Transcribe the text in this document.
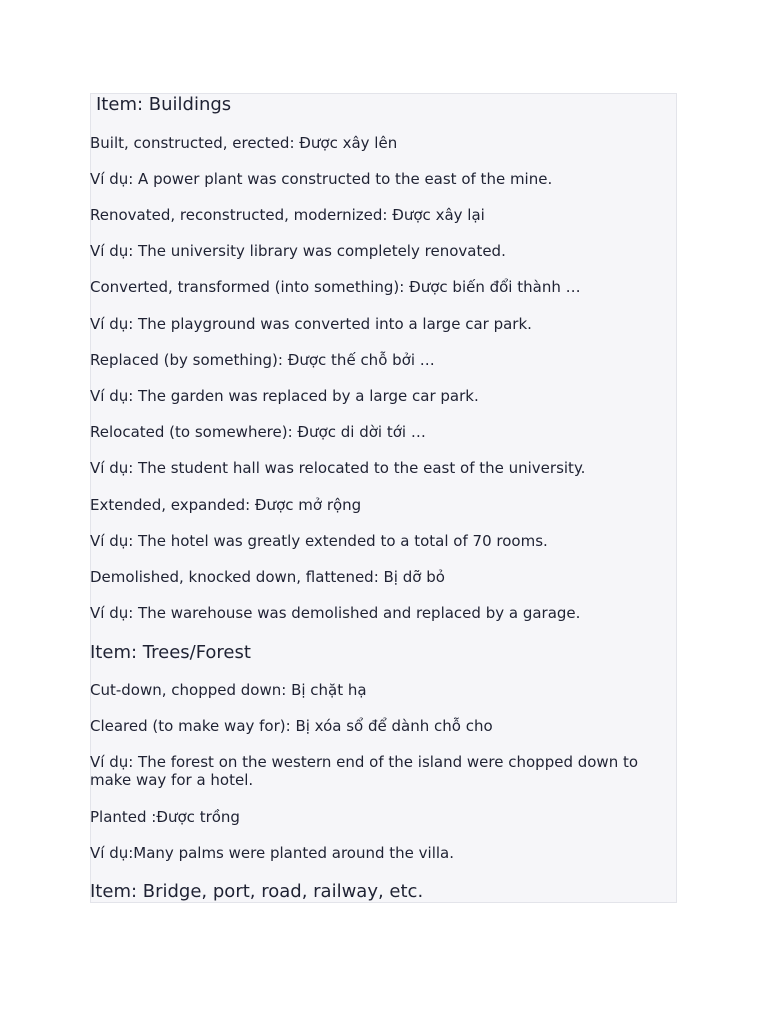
Item: Buildings
Built, constructed, erected: Được xây lên
Ví dụ: A power plant was constructed to the east of the mine.
Renovated, reconstructed, modernized: Được xây lại
Ví dụ: The university library was completely renovated.
Converted, transformed (into something): Được biến đổi thành …
Ví dụ: The playground was converted into a large car park.
Replaced (by something): Được thế chỗ bởi …
Ví dụ: The garden was replaced by a large car park.
Relocated (to somewhere): Được di dời tới …
Ví dụ: The student hall was relocated to the east of the university.
Extended, expanded: Được mở rộng
Ví dụ: The hotel was greatly extended to a total of 70 rooms.
Demolished, knocked down, flattened: Bị dỡ bỏ
Ví dụ: The warehouse was demolished and replaced by a garage.
Item: Trees/Forest
Cut-down, chopped down: Bị chặt hạ
Cleared (to make way for): Bị xóa sổ để dành chỗ cho
Ví dụ: The forest on the western end of the island were chopped down to make way for a hotel.
Planted :Được trồng
Ví dụ:Many palms were planted around the villa.
Item: Bridge, port, road, railway, etc.
